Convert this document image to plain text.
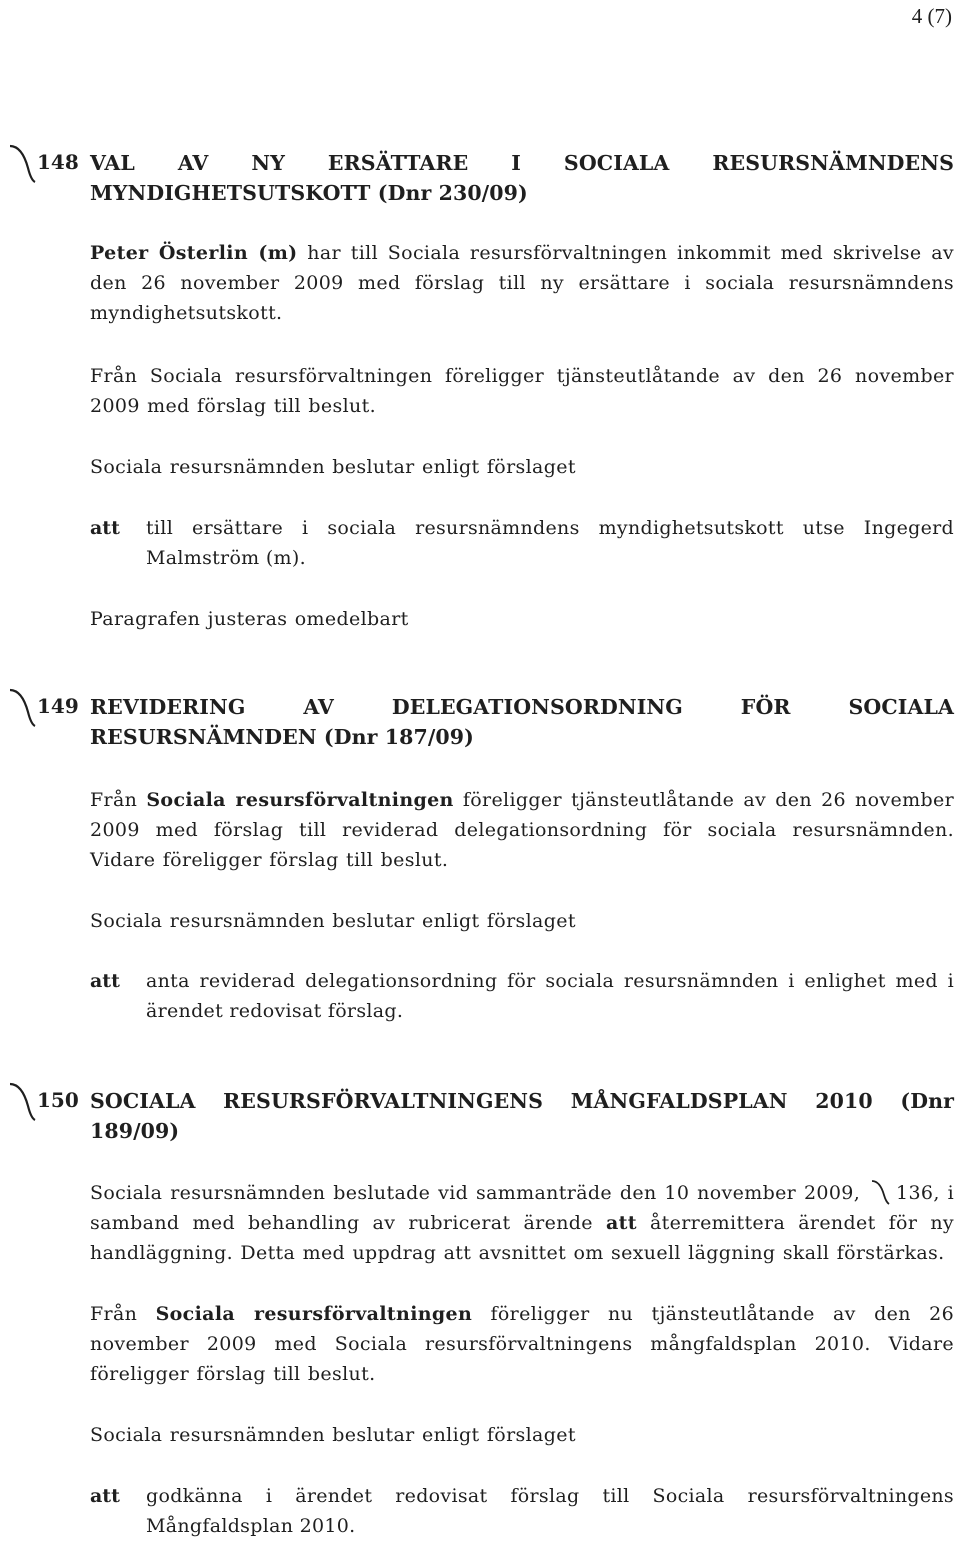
4 (7)
148 VAL AV NY ERSÄTTARE I SOCIALA RESURSNÄMNDENS MYNDIGHETSUTSKOTT (Dnr 230/09)
Peter Österlin (m) har till Sociala resursförvaltningen inkommit med skrivelse av den 26 november 2009 med förslag till ny ersättare i sociala resursnämndens myndighetsutskott.
Från Sociala resursförvaltningen föreligger tjänsteutlåtande av den 26 november 2009 med förslag till beslut.
Sociala resursnämnden beslutar enligt förslaget
att till ersättare i sociala resursnämndens myndighetsutskott utse Ingegerd Malmström (m).
Paragrafen justeras omedelbart
149 REVIDERING AV DELEGATIONSORDNING FÖR SOCIALA RESURSNÄMNDEN (Dnr 187/09)
Från Sociala resursförvaltningen föreligger tjänsteutlåtande av den 26 november 2009 med förslag till reviderad delegationsordning för sociala resursnämnden. Vidare föreligger förslag till beslut.
Sociala resursnämnden beslutar enligt förslaget
att anta reviderad delegationsordning för sociala resursnämnden i enlighet med i ärendet redovisat förslag.
150 SOCIALA RESURSFÖRVALTNINGENS MÅNGFALDSPLAN 2010 (Dnr 189/09)
Sociala resursnämnden beslutade vid sammanträde den 10 november 2009, 136, i samband med behandling av rubricerat ärende att återremittera ärendet för ny handläggning. Detta med uppdrag att avsnittet om sexuell läggning skall förstärkas.
Från Sociala resursförvaltningen föreligger nu tjänsteutlåtande av den 26 november 2009 med Sociala resursförvaltningens mångfaldsplan 2010. Vidare föreligger förslag till beslut.
Sociala resursnämnden beslutar enligt förslaget
att godkänna i ärendet redovisat förslag till Sociala resursförvaltningens Mångfaldsplan 2010.
